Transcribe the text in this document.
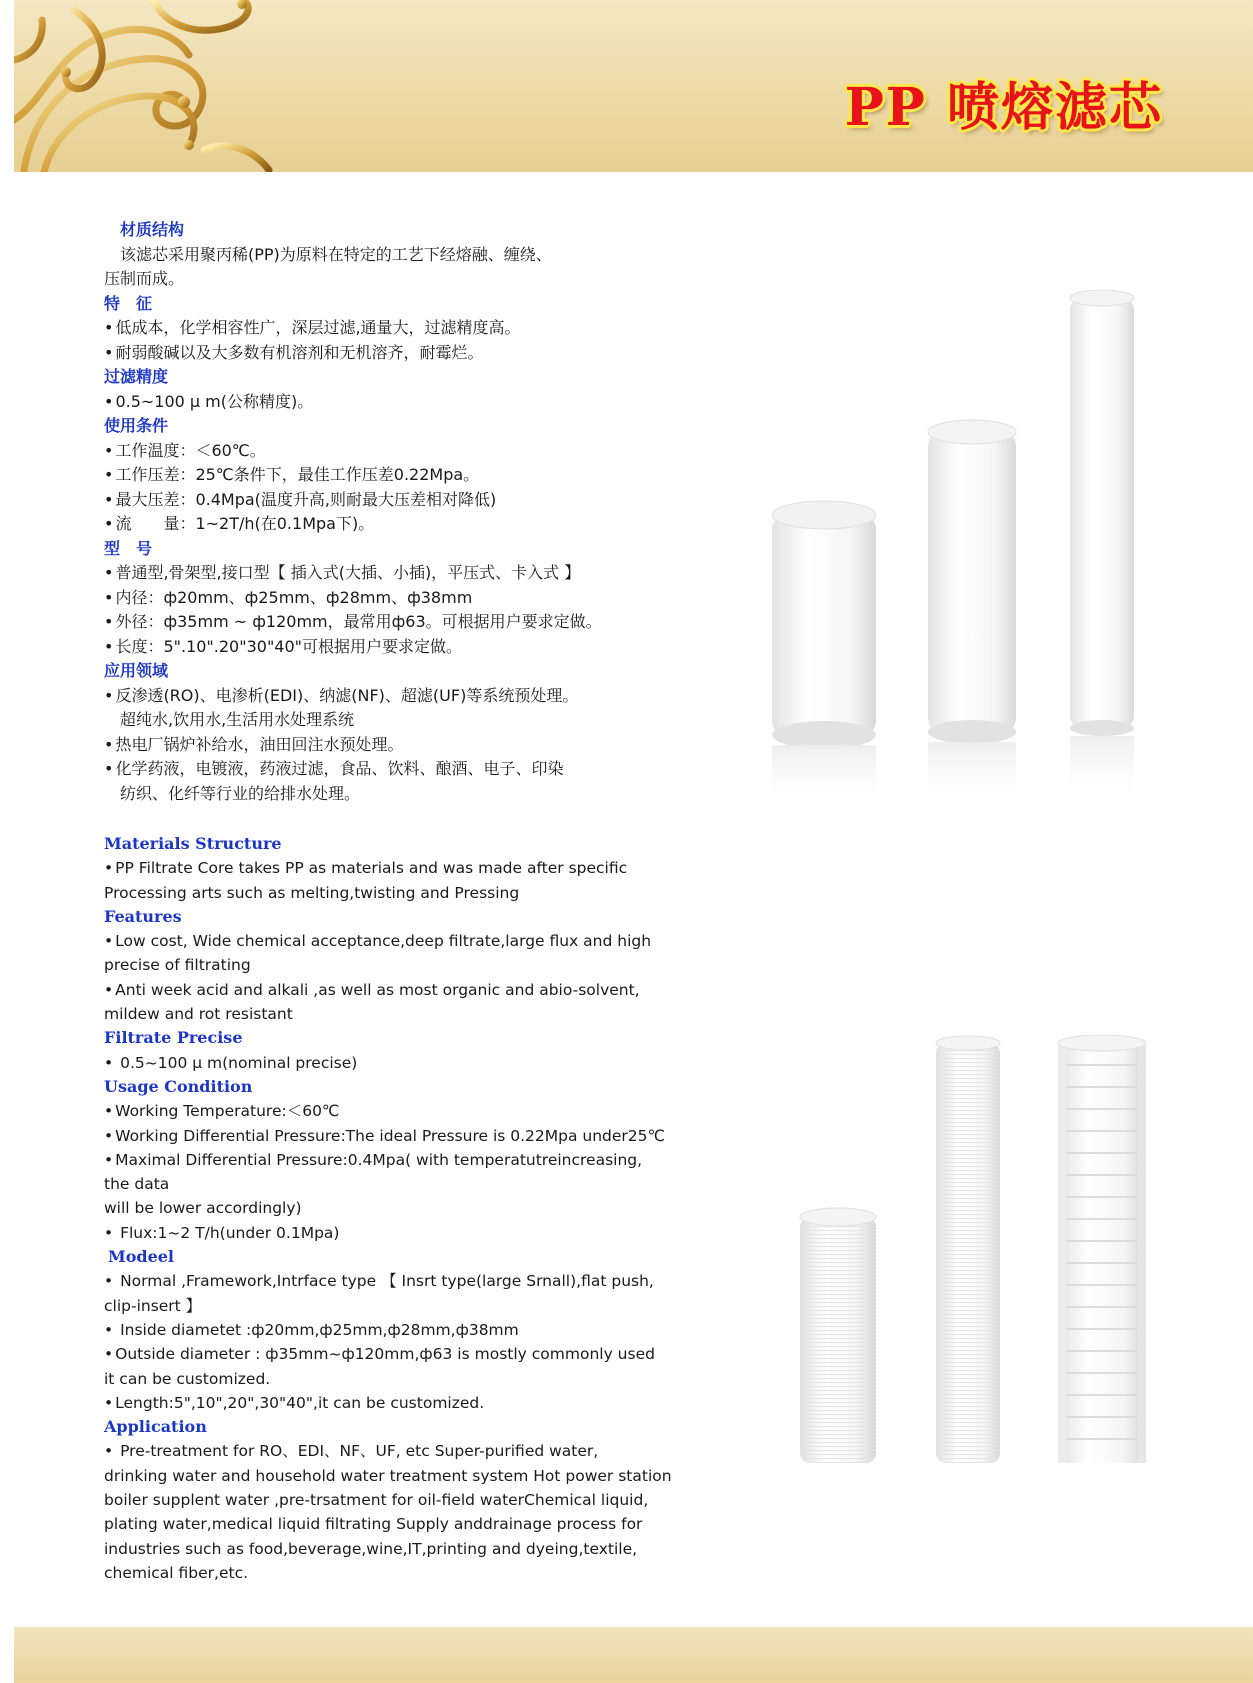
PP 喷熔滤芯

材质结构

该滤芯采用聚丙稀(PP)为原料在特定的工艺下经熔融、缠绕、

压制而成。

特　征

• 低成本，化学相容性广，深层过滤,通量大，过滤精度高。

• 耐弱酸碱以及大多数有机溶剂和无机溶齐，耐霉烂。

过滤精度

• 0.5~100 μ m(公称精度)。

使用条件

• 工作温度：＜60℃。

• 工作压差：25℃条件下，最佳工作压差0.22Mpa。

• 最大压差：0.4Mpa(温度升高,则耐最大压差相对降低)

• 流　　量：1~2T/h(在0.1Mpa下)。

型　号

• 普通型,骨架型,接口型【 插入式(大插、小插)，平压式、卡入式 】

• 内径：ф20mm、ф25mm、ф28mm、ф38mm

• 外径：ф35mm ~ ф120mm，最常用ф63。可根据用户要求定做。

• 长度：5".10".20"30"40"可根据用户要求定做。

应用领域

• 反渗透(RO)、电渗析(EDI)、纳滤(NF)、超滤(UF)等系统预处理。

超纯水,饮用水,生活用水处理系统

• 热电厂锅炉补给水，油田回注水预处理。

• 化学药液，电镀液，药液过滤，食品、饮料、酿酒、电子、印染

纺织、化纤等行业的给排水处理。

Materials Structure

• PP Filtrate Core takes PP as materials and was made after specific

Processing arts such as melting,twisting and Pressing

Features

• Low cost, Wide chemical acceptance,deep filtrate,large flux and high

precise of filtrating

• Anti week acid and alkali ,as well as most organic and abio-solvent,

mildew and rot resistant

Filtrate Precise

• 0.5~100 μ m(nominal precise)

Usage Condition

• Working Temperature:＜60℃

• Working Differential Pressure:The ideal Pressure is 0.22Mpa under25℃

• Maximal Differential Pressure:0.4Mpa( with temperatutreincreasing,

the data

will be lower accordingly)

• Flux:1~2 T/h(under 0.1Mpa)

Modeel

• Normal ,Framework,Intrface type 【 Insrt type(large Srnall),flat push,

clip-insert 】

• Inside diametet :ф20mm,ф25mm,ф28mm,ф38mm

• Outside diameter : ф35mm~ф120mm,ф63 is mostly commonly used

it can be customized.

• Length:5",10",20",30"40",it can be customized.

Application

• Pre-treatment for RO、EDI、NF、UF, etc Super-purified water,

drinking water and household water treatment system Hot power station

boiler supplent water ,pre-trsatment for oil-field waterChemical liquid,

plating water,medical liquid filtrating Supply anddrainage process for

industries such as food,beverage,wine,IT,printing and dyeing,textile,

chemical fiber,etc.
